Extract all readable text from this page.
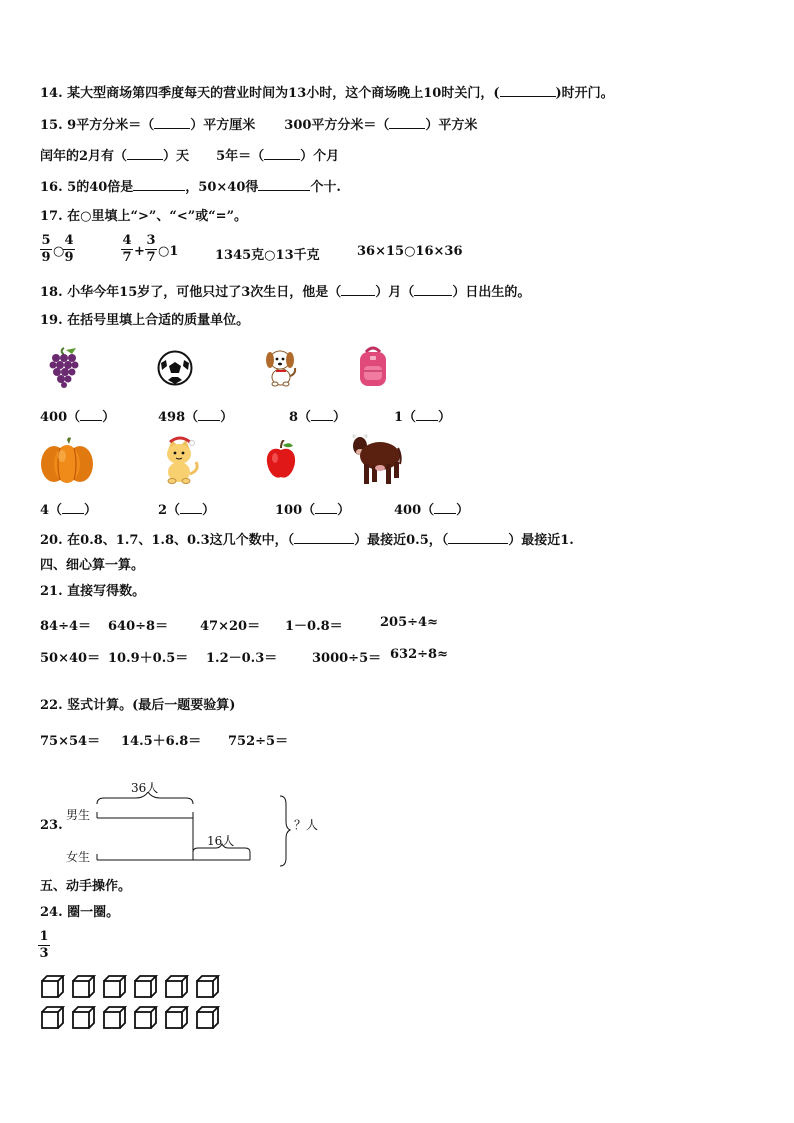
14. 某大型商场第四季度每天的营业时间为13小时，这个商场晚上10时关门，(	)时开门。
15. 9平方分米＝（	）平方厘米 300平方分米＝（	）平方米
闰年的2月有（	）天 5年＝（	）个月
16. 5的40倍是	，50×40得	个十.
17. 在○里填上“>”、“<”或“=”。
5
9 ○
4
9
4
7 +
3
7 ○1	1345克○13千克	36×15○16×36
18. 小华今年15岁了，可他只过了3次生日，他是（	）月（	）日出生的。
19. 在括号里填上合适的质量单位。
400（ ）	498（ ）	8（ ）	1（ ）
4（ ）	2（ ）	100（ ）	400（ ）
20. 在0.8、1.7、1.8、0.3这几个数中，（	）最接近0.5，（	）最接近1.
四、细心算一算。
21. 直接写得数。
84÷4＝ 640÷8＝ 47×20＝ 1－0.8＝	205÷4≈
50×40＝ 10.9＋0.5＝ 1.2－0.3＝	3000÷5＝ 632÷8≈
22. 竖式计算。(最后一题要验算)
75×54＝ 14.5＋6.8＝ 752÷5＝
23.
男生
女生
36人
16人
？人
五、动手操作。
24. 圈一圈。
1
3
